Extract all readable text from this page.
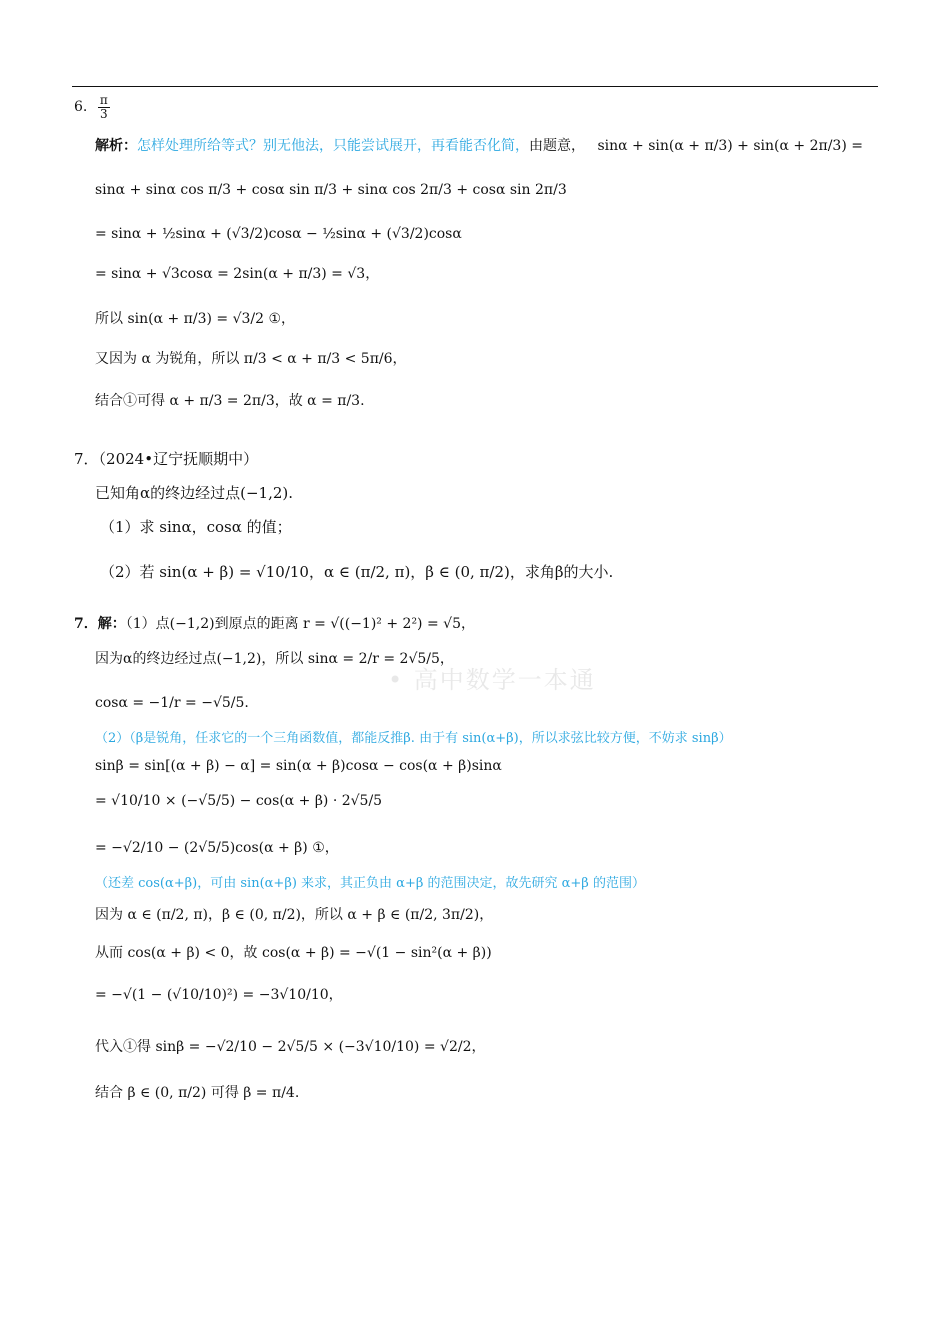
6. $\frac{\pi}{3}$
解析：怎样处理所给等式？别无他法，只能尝试展开，再看能否化简，由题意， sinα + sin(α + π/3) + sin(α + 2π/3) =
sinα + sinα cos π/3 + cosα sin π/3 + sinα cos 2π/3 + cosα sin 2π/3
= sinα + ½sinα + (√3/2)cosα − ½sinα + (√3/2)cosα
= sinα + √3cosα = 2sin(α + π/3) = √3，
所以 sin(α + π/3) = √3/2 ①，
又因为 α 为锐角，所以 π/3 < α + π/3 < 5π/6，
结合①可得 α + π/3 = 2π/3，故 α = π/3.
7．（2024•辽宁抚顺期中）
已知角α的终边经过点(−1,2).
（1）求 sinα，cosα 的值；
（2）若 sin(α + β) = √10/10，α ∈ (π/2, π)，β ∈ (0, π/2)，求角β的大小.
7．解：（1）点(−1,2)到原点的距离 r = √((−1)² + 2²) = √5，
因为α的终边经过点(−1,2)，所以 sinα = 2/r = 2√5/5，
cosα = −1/r = −√5/5.
（2）（β是锐角，任求它的一个三角函数值，都能反推β. 由于有 sin(α+β)，所以求弦比较方便，不妨求 sinβ）
sinβ = sin[(α + β) − α] = sin(α + β)cosα − cos(α + β)sinα
= √10/10 × (−√5/5) − cos(α + β) · 2√5/5
= −√2/10 − (2√5/5)cos(α + β) ①，
（还差 cos(α+β)，可由 sin(α+β) 来求，其正负由 α+β 的范围决定，故先研究 α+β 的范围）
因为 α ∈ (π/2, π)，β ∈ (0, π/2)，所以 α + β ∈ (π/2, 3π/2)，
从而 cos(α + β) < 0，故 cos(α + β) = −√(1 − sin²(α + β))
= −√(1 − (√10/10)²) = −3√10/10，
代入①得 sinβ = −√2/10 − 2√5/5 × (−3√10/10) = √2/2，
结合 β ∈ (0, π/2) 可得 β = π/4.
• 高中数学一本通
